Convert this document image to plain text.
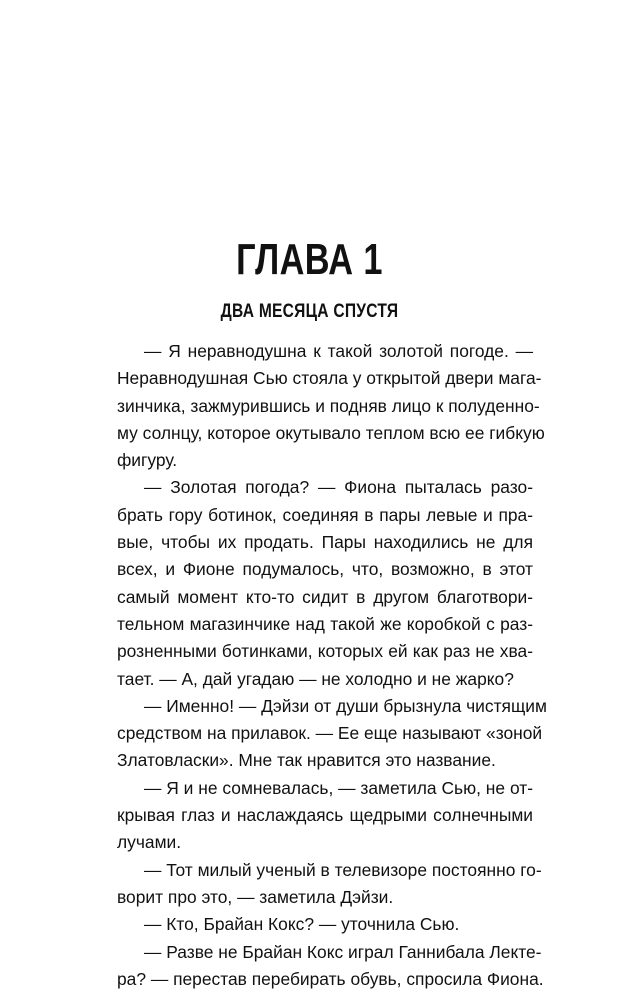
ГЛАВА 1
ДВА МЕСЯЦА СПУСТЯ
— Я неравнодушна к такой золотой погоде. —
Неравнодушная Сью стояла у открытой двери мага-
зинчика, зажмурившись и подняв лицо к полуденно-
му солнцу, которое окутывало теплом всю ее гибкую
фигуру.
— Золотая погода? — Фиона пыталась разо-
брать гору ботинок, соединяя в пары левые и пра-
вые, чтобы их продать. Пары находились не для
всех, и Фионе подумалось, что, возможно, в этот
самый момент кто-то сидит в другом благотвори-
тельном магазинчике над такой же коробкой с раз-
розненными ботинками, которых ей как раз не хва-
тает. — А, дай угадаю — не холодно и не жарко?
— Именно! — Дэйзи от души брызнула чистящим
средством на прилавок. — Ее еще называют «зоной
Златовласки». Мне так нравится это название.
— Я и не сомневалась, — заметила Сью, не от-
крывая глаз и наслаждаясь щедрыми солнечными
лучами.
— Тот милый ученый в телевизоре постоянно го-
ворит про это, — заметила Дэйзи.
— Кто, Брайан Кокс? — уточнила Сью.
— Разве не Брайан Кокс играл Ганнибала Лекте-
ра? — перестав перебирать обувь, спросила Фиона.
